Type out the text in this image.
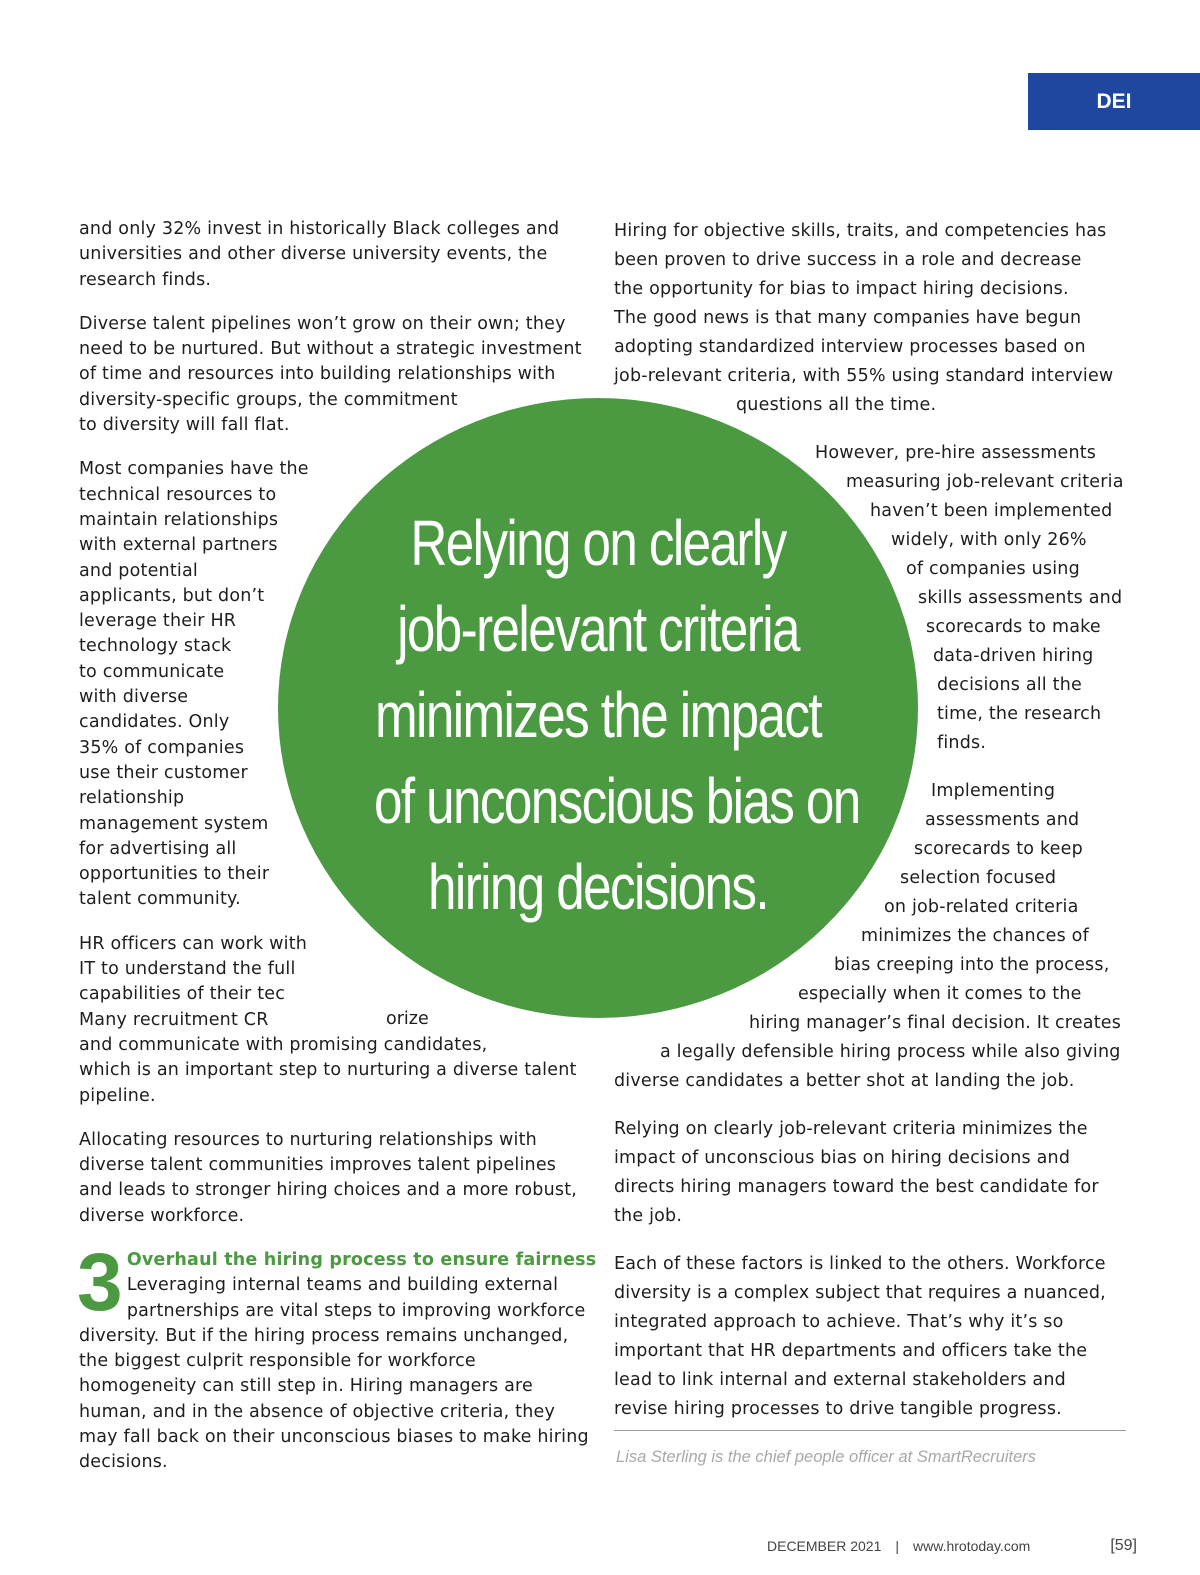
DEI

and only 32% invest in historically Black colleges and
universities and other diverse university events, the
research finds.

Diverse talent pipelines won’t grow on their own; they
need to be nurtured. But without a strategic investment
of time and resources into building relationships with
diversity-specific groups, the commitment
to diversity will fall flat.

Most companies have the
technical resources to
maintain relationships
with external partners
and potential
applicants, but don’t
leverage their HR
technology stack
to communicate
with diverse
candidates. Only
35% of companies
use their customer
relationship
management system
for advertising all
opportunities to their
talent community.

HR officers can work with
IT to understand the full
capabilities of their tec
Many recruitment CR
and communicate with promising candidates,
which is an important step to nurturing a diverse talent
pipeline.

Allocating resources to nurturing relationships with
diverse talent communities improves talent pipelines
and leads to stronger hiring choices and a more robust,
diverse workforce.

3 Overhaul the hiring process to ensure fairness
Leveraging internal teams and building external
partnerships are vital steps to improving workforce
diversity. But if the hiring process remains unchanged,
the biggest culprit responsible for workforce
homogeneity can still step in. Hiring managers are
human, and in the absence of objective criteria, they
may fall back on their unconscious biases to make hiring
decisions.
Hiring for objective skills, traits, and competencies has
been proven to drive success in a role and decrease
the opportunity for bias to impact hiring decisions.
The good news is that many companies have begun
adopting standardized interview processes based on
job-relevant criteria, with 55% using standard interview
questions all the time.
However, pre-hire assessments
measuring job-relevant criteria
haven’t been implemented
widely, with only 26%
of companies using
skills assessments and
scorecards to make
data-driven hiring
decisions all the
time, the research
finds.
Implementing
assessments and
scorecards to keep
selection focused
on job-related criteria
minimizes the chances of
bias creeping into the process,
especially when it comes to the
hiring manager’s final decision. It creates
a legally defensible hiring process while also giving
diverse candidates a better shot at landing the job.
Relying on clearly job-relevant criteria minimizes the
impact of unconscious bias on hiring decisions and
directs hiring managers toward the best candidate for
the job.
Each of these factors is linked to the others. Workforce
diversity is a complex subject that requires a nuanced,
integrated approach to achieve. That’s why it’s so
important that HR departments and officers take the
lead to link internal and external stakeholders and
revise hiring processes to drive tangible progress.
orize
Relying on clearly
job-relevant criteria
minimizes the impact
of unconscious bias on
hiring decisions.
Lisa Sterling is the chief people officer at SmartRecruiters
DECEMBER 2021 | www.hrotoday.com	[59]
